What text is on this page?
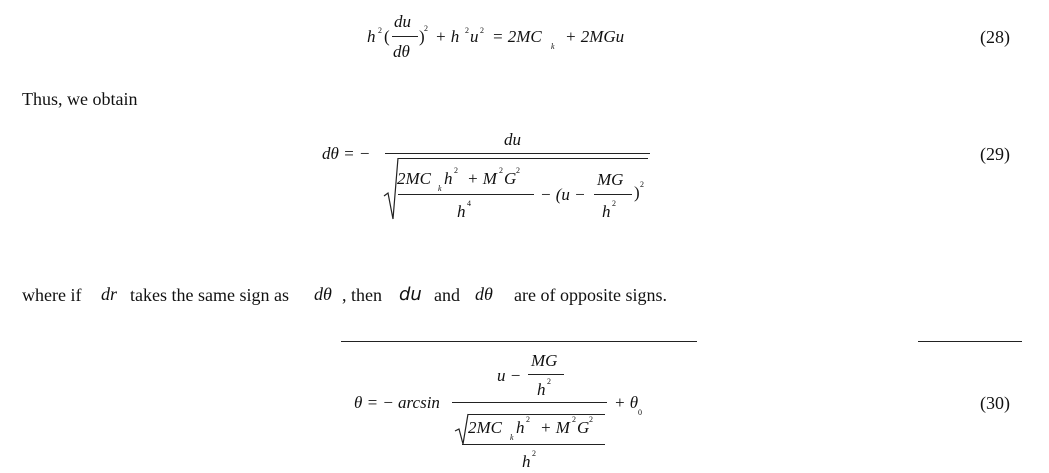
h 2 (
du
dθ
) 2 + h 2 u 2 = 2MC
k
+ 2MGu	(28)
Thus, we obtain
dθ = −
du
2MC
k
h 2 + M 2 G 2
h 4	− (u −
MG
h 2
) 2
(29)
where if dr takes the same sign as dθ , then du and dθ are of opposite signs.
θ = − arcsin
u −
MG
h 2
2MC
k
h 2 + M 2 G 2
h 2
+ θ
0	(30)
